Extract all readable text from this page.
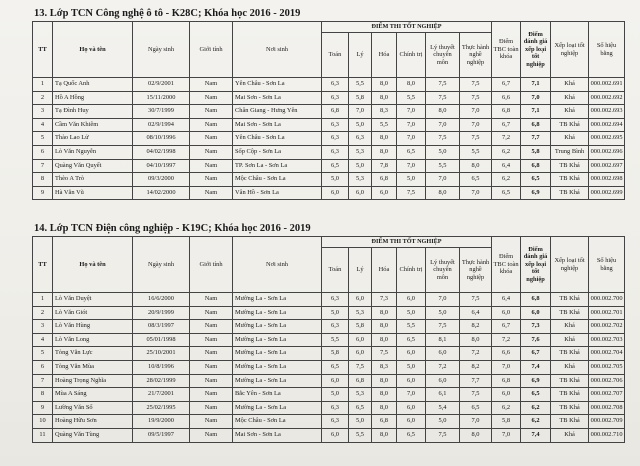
13. Lớp TCN Công nghệ ô tô - K28C; Khóa học 2016 - 2019
TT	Họ và tên	Ngày sinh	Giới tính	Nơi sinh	ĐIỂM THI TỐT NGHIỆP						Điểm TBC toàn khóa	Điểm đánh giá xếp loại tốt nghiệp	Xếp loại tốt nghiệp	Số hiệu bằng
					Toán	Lý	Hóa	Chính trị	Lý thuyết chuyên môn	Thực hành nghề nghiệp				
1	Tạ Quốc Anh	02/9/2001	Nam	Yên Châu - Sơn La	6,3	5,5	8,0	8,0	7,5	7,5	6,7	7,1	Khá	000.002.691
2	Hồ A Hồng	15/11/2000	Nam	Mai Sơn - Sơn La	6,3	5,8	8,0	5,5	7,5	7,5	6,6	7,0	Khá	000.002.692
3	Tạ Đình Huy	30/7/1999	Nam	Chân Giang - Hưng Yên	6,8	7,0	8,3	7,0	8,0	7,0	6,8	7,1	Khá	000.002.693
4	Cầm Văn Khiêm	02/9/1994	Nam	Mai Sơn - Sơn La	6,3	5,0	5,5	7,0	7,0	7,0	6,7	6,8	TB Khá	000.002.694
5	Thào Lao Lử	08/10/1996	Nam	Yên Châu - Sơn La	6,3	6,3	8,0	7,0	7,5	7,5	7,2	7,7	Khá	000.002.695
6	Lò Văn Nguyễn	04/02/1998	Nam	Sốp Cộp - Sơn La	6,3	5,3	8,0	6,5	5,0	5,5	6,2	5,8	Trung Bình	000.002.696
7	Quàng Văn Quyết	04/10/1997	Nam	TP. Sơn La - Sơn La	6,5	5,0	7,8	7,0	5,5	8,0	6,4	6,8	TB Khá	000.002.697
8	Thèo A Trò	09/3/2000	Nam	Mộc Châu - Sơn La	5,0	5,3	6,8	5,0	7,0	6,5	6,2	6,5	TB Khá	000.002.698
9	Hà Văn Vũ	14/02/2000	Nam	Vân Hồ - Sơn La	6,0	6,0	6,0	7,5	8,0	7,0	6,5	6,9	TB Khá	000.002.699
14. Lớp TCN Điện công nghiệp - K19C; Khóa học 2016 - 2019
TT	Họ và tên	Ngày sinh	Giới tính	Nơi sinh	ĐIỂM THI TỐT NGHIỆP						Điểm TBC toàn khóa	Điểm đánh giá xếp loại tốt nghiệp	Xếp loại tốt nghiệp	Số hiệu bằng
					Toán	Lý	Hóa	Chính trị	Lý thuyết chuyên môn	Thực hành nghề nghiệp				
1	Lò Văn Duyệt	16/6/2000	Nam	Mường La - Sơn La	6,3	6,0	7,3	6,0	7,0	7,5	6,4	6,8	TB Khá	000.002.700
2	Lò Văn Giót	20/9/1999	Nam	Mường La - Sơn La	5,0	5,3	8,0	5,0	5,0	6,4	6,0	6,0	TB Khá	000.002.701
3	Lò Văn Hùng	08/3/1997	Nam	Mường La - Sơn La	6,3	5,8	8,0	5,5	7,5	8,2	6,7	7,3	Khá	000.002.702
4	Lò Văn Long	05/01/1998	Nam	Mường La - Sơn La	5,5	6,0	8,0	6,5	8,1	8,0	7,2	7,6	Khá	000.002.703
5	Tòng Văn Lực	25/10/2001	Nam	Mường La - Sơn La	5,8	6,0	7,5	6,0	6,0	7,2	6,6	6,7	TB Khá	000.002.704
6	Tòng Văn Mùa	10/8/1996	Nam	Mường La - Sơn La	6,5	7,5	8,3	5,0	7,2	8,2	7,0	7,4	Khá	000.002.705
7	Hoàng Trọng Nghĩa	28/02/1999	Nam	Mường La - Sơn La	6,0	6,8	8,0	6,0	6,0	7,7	6,8	6,9	TB Khá	000.002.706
8	Mùa A Sáng	21/7/2001	Nam	Bắc Yên - Sơn La	5,0	5,3	8,0	7,0	6,1	7,5	6,0	6,5	TB Khá	000.002.707
9	Lường Văn Sổ	25/02/1995	Nam	Mường La - Sơn La	6,3	6,5	8,0	6,0	5,4	6,5	6,2	6,2	TB Khá	000.002.708
10	Hoàng Hữu Sơn	19/9/2000	Nam	Mộc Châu - Sơn La	6,3	5,0	6,8	6,0	5,0	7,0	5,8	6,2	TB Khá	000.002.709
11	Quàng Văn Tùng	09/5/1997	Nam	Mai Sơn - Sơn La	6,0	5,5	8,0	6,5	7,5	8,0	7,0	7,4	Khá	000.002.710
